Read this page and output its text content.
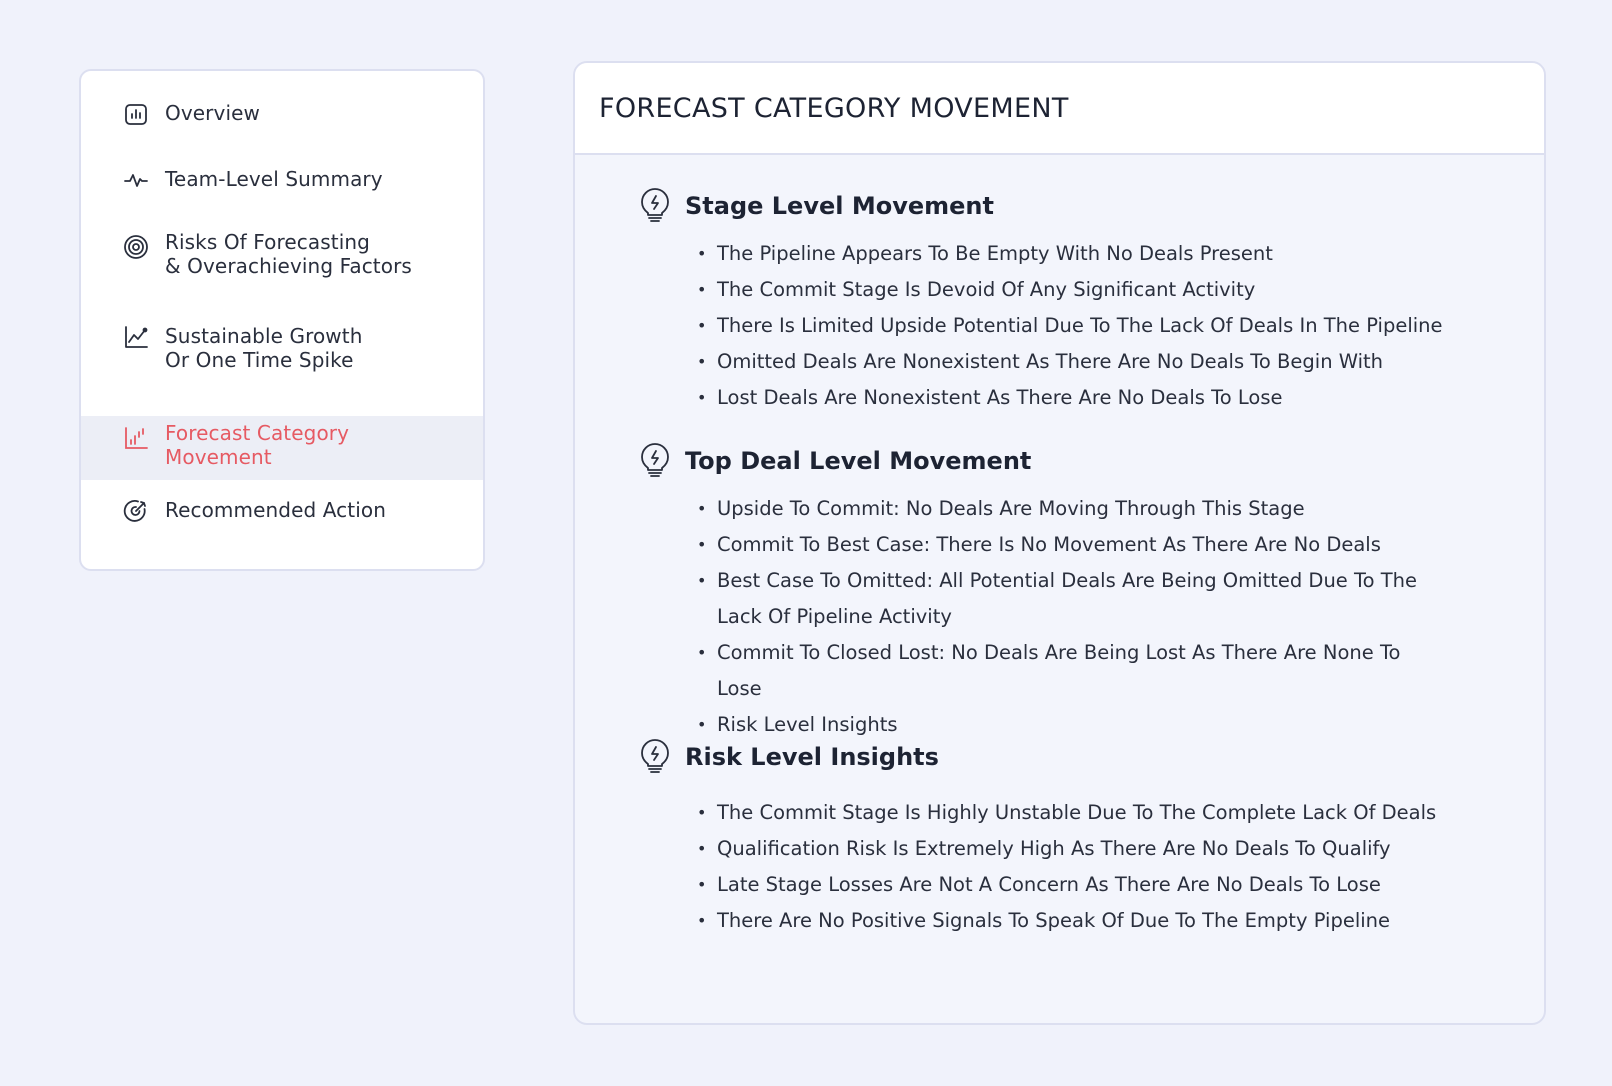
Overview
Team-Level Summary
Risks Of Forecasting
& Overachieving Factors
Sustainable Growth
Or One Time Spike
Forecast Category
Movement
Recommended Action
FORECAST CATEGORY MOVEMENT
Stage Level Movement
• The Pipeline Appears To Be Empty With No Deals Present
• The Commit Stage Is Devoid Of Any Significant Activity
• There Is Limited Upside Potential Due To The Lack Of Deals In The Pipeline
• Omitted Deals Are Nonexistent As There Are No Deals To Begin With
• Lost Deals Are Nonexistent As There Are No Deals To Lose
Top Deal Level Movement
• Upside To Commit: No Deals Are Moving Through This Stage
• Commit To Best Case: There Is No Movement As There Are No Deals
• Best Case To Omitted: All Potential Deals Are Being Omitted Due To The Lack Of Pipeline Activity
• Commit To Closed Lost: No Deals Are Being Lost As There Are None To Lose
• Risk Level Insights
Risk Level Insights
• The Commit Stage Is Highly Unstable Due To The Complete Lack Of Deals
• Qualification Risk Is Extremely High As There Are No Deals To Qualify
• Late Stage Losses Are Not A Concern As There Are No Deals To Lose
• There Are No Positive Signals To Speak Of Due To The Empty Pipeline
